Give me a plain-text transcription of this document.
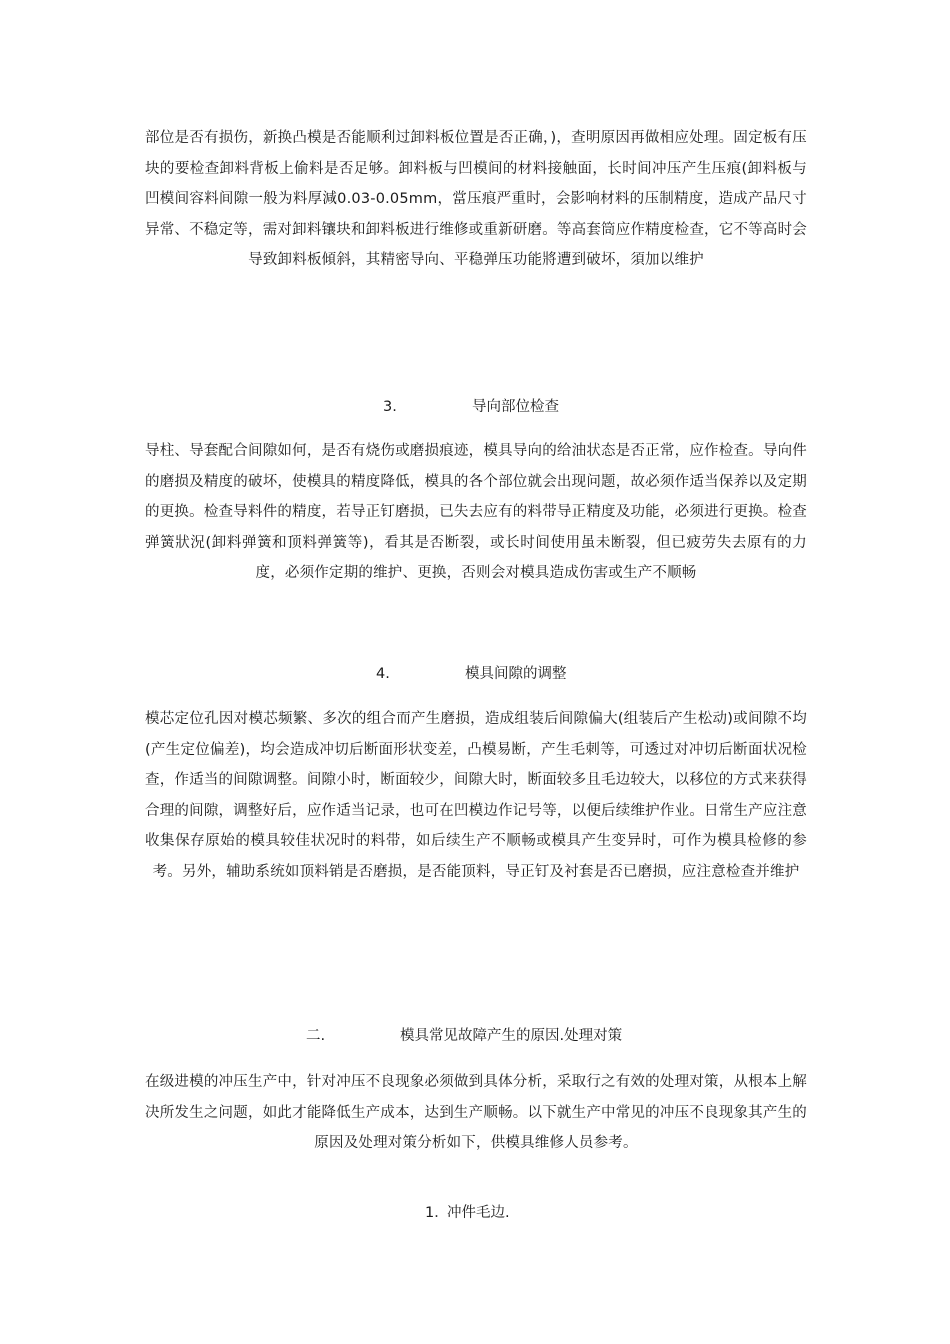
部位是否有损伤，新换凸模是否能顺利过卸料板位置是否正确，)，查明原因再做相应处理。固定板有压块的要检查卸料背板上偷料是否足够。卸料板与凹模间的材料接触面，长时间冲压产生压痕(卸料板与凹模间容料间隙一般为料厚減0.03-0.05mm，當压痕严重时，会影响材料的压制精度，造成产品尺寸异常、不稳定等，需对卸料镶块和卸料板进行维修或重新研磨。等高套筒应作精度检查，它不等高时会导致卸料板傾斜，其精密导向、平稳弹压功能將遭到破坏，須加以维护
3.	导向部位检查
导柱、导套配合间隙如何，是否有烧伤或磨损痕迹，模具导向的给油状态是否正常，应作检查。导向件的磨损及精度的破坏，使模具的精度降低，模具的各个部位就会出现问题，故必须作适当保养以及定期的更换。检查导料件的精度，若导正钉磨损，已失去应有的料带导正精度及功能，必须进行更换。检查弹簧狀況(卸料弹簧和顶料弹簧等)，看其是否断裂，或长时间使用虽未断裂，但已疲劳失去原有的力度，必须作定期的维护、更换，否则会对模具造成伤害或生产不顺畅
4.	模具间隙的调整
模芯定位孔因对模芯频繁、多次的组合而产生磨损，造成组装后间隙偏大(组装后产生松动)或间隙不均(产生定位偏差)，均会造成冲切后断面形状变差，凸模易断，产生毛刺等，可透过对冲切后断面状况检查，作适当的间隙调整。间隙小时，断面较少，间隙大时，断面较多且毛边较大，以移位的方式来获得合理的间隙，调整好后，应作适当记录，也可在凹模边作记号等，以便后续维护作业。日常生产应注意收集保存原始的模具较佳状况时的料带，如后续生产不顺畅或模具产生变异时，可作为模具检修的参考。另外，辅助系统如顶料销是否磨损，是否能顶料，导正钉及衬套是否已磨损，应注意检查并维护
二.	模具常见故障产生的原因.处理对策
在级进模的冲压生产中，针对冲压不良现象必须做到具体分析，采取行之有效的处理对策，从根本上解决所发生之问题，如此才能降低生产成本，达到生产顺畅。以下就生产中常见的冲压不良现象其产生的原因及处理对策分析如下，供模具维修人员参考。
1．
冲件毛边.
